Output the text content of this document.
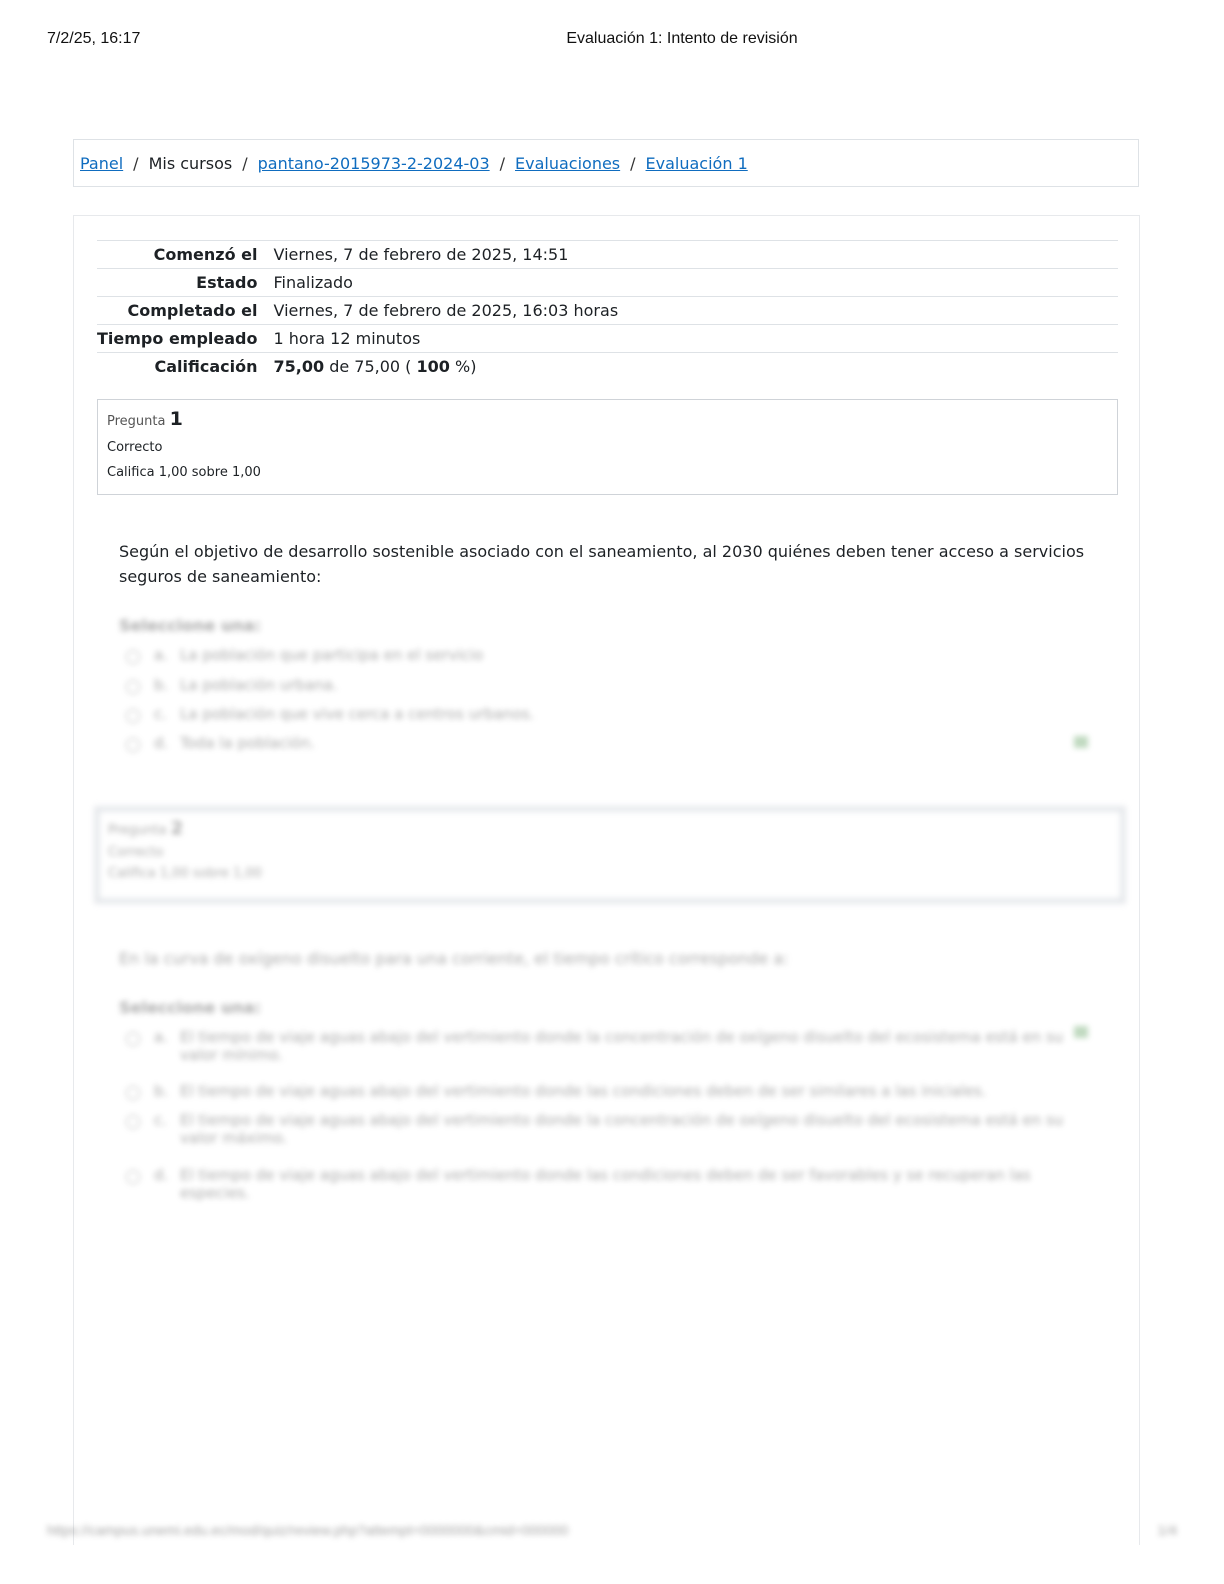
7/2/25, 16:17	Evaluación 1: Intento de revisión
Panel / Mis cursos / pantano-2015973-2-2024-03 / Evaluaciones / Evaluación 1
Comenzó el	Viernes, 7 de febrero de 2025, 14:51
Estado	Finalizado
Completado el	Viernes, 7 de febrero de 2025, 16:03 horas
Tiempo empleado	1 hora 12 minutos
Calificación	75,00 de 75,00 ( 100 %)
Pregunta 1
Correcto
Califica 1,00 sobre 1,00
Según el objetivo de desarrollo sostenible asociado con el saneamiento, al 2030 quiénes deben tener acceso a servicios seguros de saneamiento:
Seleccione una:
a. La población que participa en el servicio
b. La población urbana.
c. La población que vive cerca a centros urbanos.
d. Toda la población.
Pregunta 2
Correcto
Califica 1,00 sobre 1,00
En la curva de oxígeno disuelto para una corriente, el tiempo crítico corresponde a:
Seleccione una:
a. El tiempo de viaje aguas abajo del vertimiento donde la concentración de oxígeno disuelto del ecosistema está en su valor mínimo.
b. El tiempo de viaje aguas abajo del vertimiento donde las condiciones deben de ser similares a las iniciales.
c. El tiempo de viaje aguas abajo del vertimiento donde la concentración de oxígeno disuelto del ecosistema está en su valor máximo.
d. El tiempo de viaje aguas abajo del vertimiento donde las condiciones deben de ser favorables y se recuperan las especies.
https://campus.unemi.edu.ec/mod/quiz/review.php?attempt=0000000&cmid=000000	1/4
